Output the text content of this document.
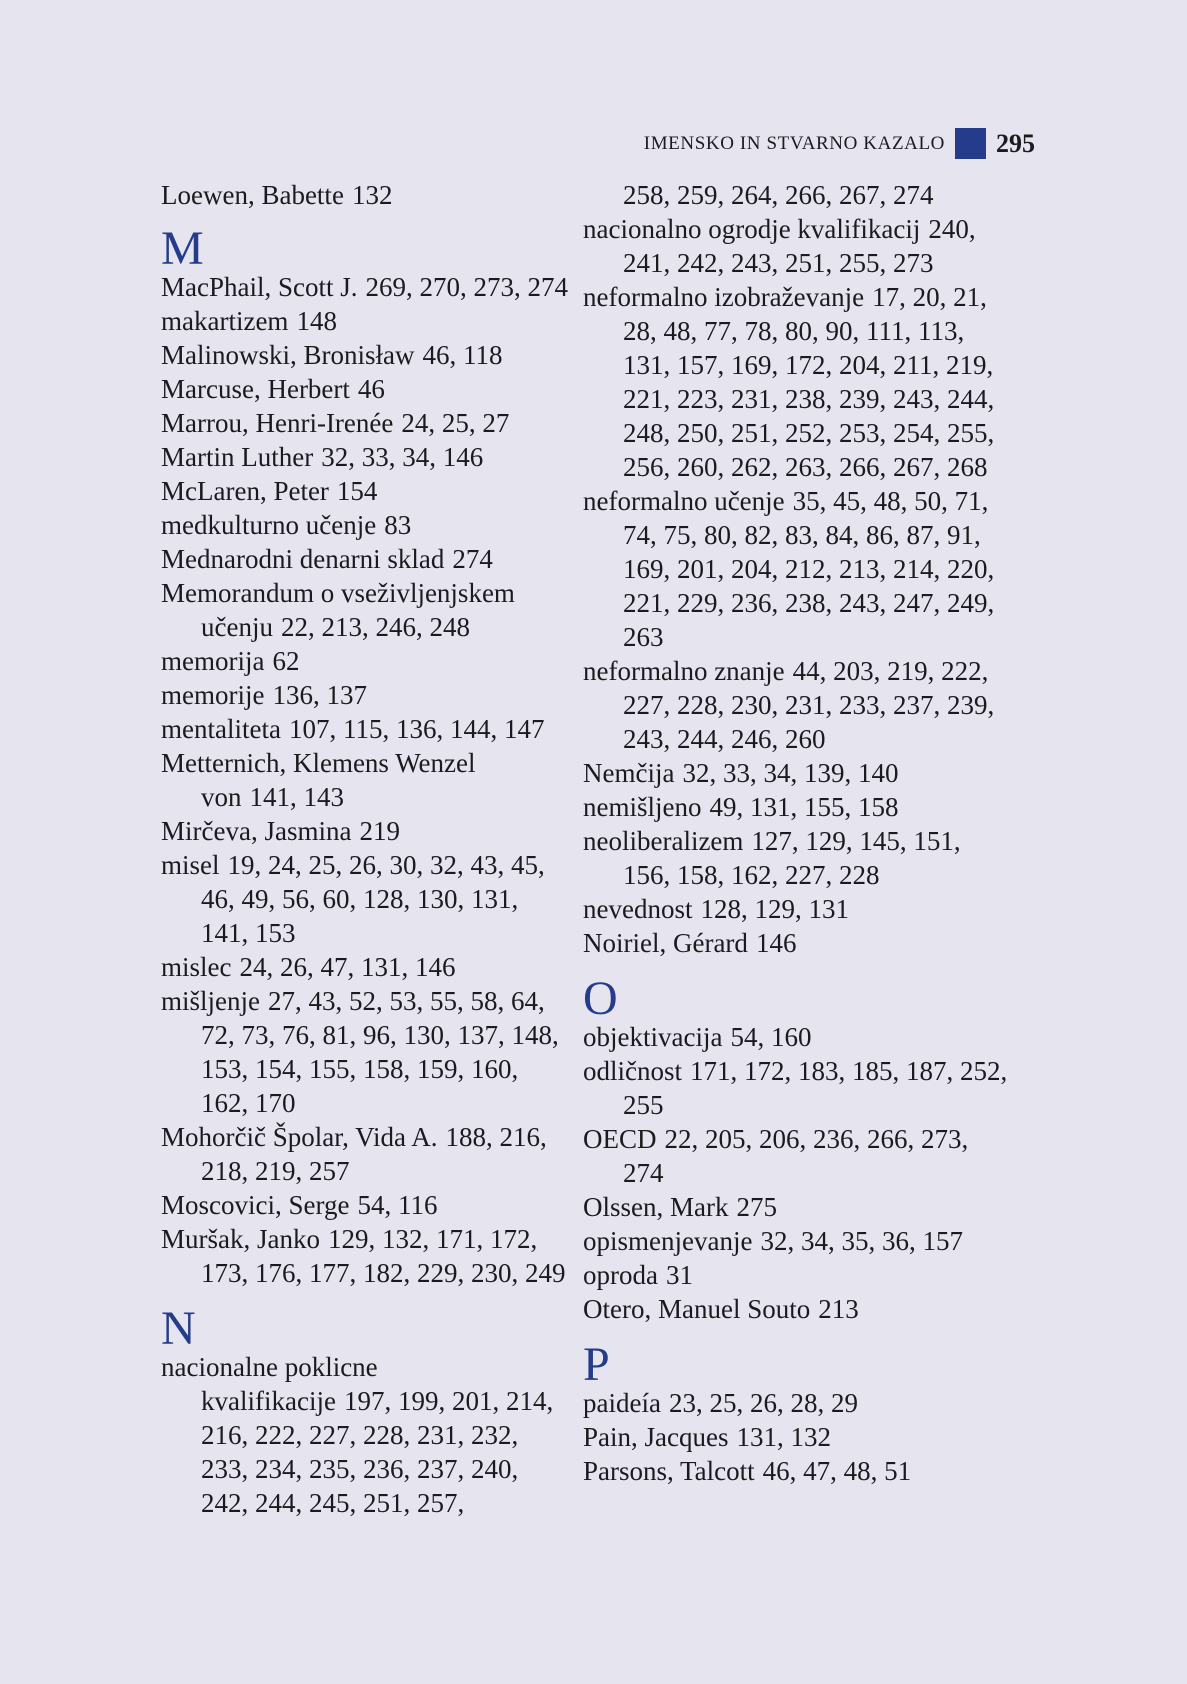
IMENSKO IN STVARNO KAZALO 295
Loewen, Babette 132
M
MacPhail, Scott J. 269, 270, 273, 274
makartizem 148
Malinowski, Bronisław 46, 118
Marcuse, Herbert 46
Marrou, Henri-Irenée 24, 25, 27
Martin Luther 32, 33, 34, 146
McLaren, Peter 154
medkulturno učenje 83
Mednarodni denarni sklad 274
Memorandum o vseživljenjskem učenju 22, 213, 246, 248
memorija 62
memorije 136, 137
mentaliteta 107, 115, 136, 144, 147
Metternich, Klemens Wenzel von 141, 143
Mirčeva, Jasmina 219
misel 19, 24, 25, 26, 30, 32, 43, 45, 46, 49, 56, 60, 128, 130, 131, 141, 153
mislec 24, 26, 47, 131, 146
mišljenje 27, 43, 52, 53, 55, 58, 64, 72, 73, 76, 81, 96, 130, 137, 148, 153, 154, 155, 158, 159, 160, 162, 170
Mohorčič Špolar, Vida A. 188, 216, 218, 219, 257
Moscovici, Serge 54, 116
Muršak, Janko 129, 132, 171, 172, 173, 176, 177, 182, 229, 230, 249
N
nacionalne poklicne kvalifikacije 197, 199, 201, 214, 216, 222, 227, 228, 231, 232, 233, 234, 235, 236, 237, 240, 242, 244, 245, 251, 257,
258, 259, 264, 266, 267, 274
nacionalno ogrodje kvalifikacij 240, 241, 242, 243, 251, 255, 273
neformalno izobraževanje 17, 20, 21, 28, 48, 77, 78, 80, 90, 111, 113, 131, 157, 169, 172, 204, 211, 219, 221, 223, 231, 238, 239, 243, 244, 248, 250, 251, 252, 253, 254, 255, 256, 260, 262, 263, 266, 267, 268
neformalno učenje 35, 45, 48, 50, 71, 74, 75, 80, 82, 83, 84, 86, 87, 91, 169, 201, 204, 212, 213, 214, 220, 221, 229, 236, 238, 243, 247, 249, 263
neformalno znanje 44, 203, 219, 222, 227, 228, 230, 231, 233, 237, 239, 243, 244, 246, 260
Nemčija 32, 33, 34, 139, 140
nemišljeno 49, 131, 155, 158
neoliberalizem 127, 129, 145, 151, 156, 158, 162, 227, 228
nevednost 128, 129, 131
Noiriel, Gérard 146
O
objektivacija 54, 160
odličnost 171, 172, 183, 185, 187, 252, 255
OECD 22, 205, 206, 236, 266, 273, 274
Olssen, Mark 275
opismenjevanje 32, 34, 35, 36, 157
oproda 31
Otero, Manuel Souto 213
P
paideía 23, 25, 26, 28, 29
Pain, Jacques 131, 132
Parsons, Talcott 46, 47, 48, 51
